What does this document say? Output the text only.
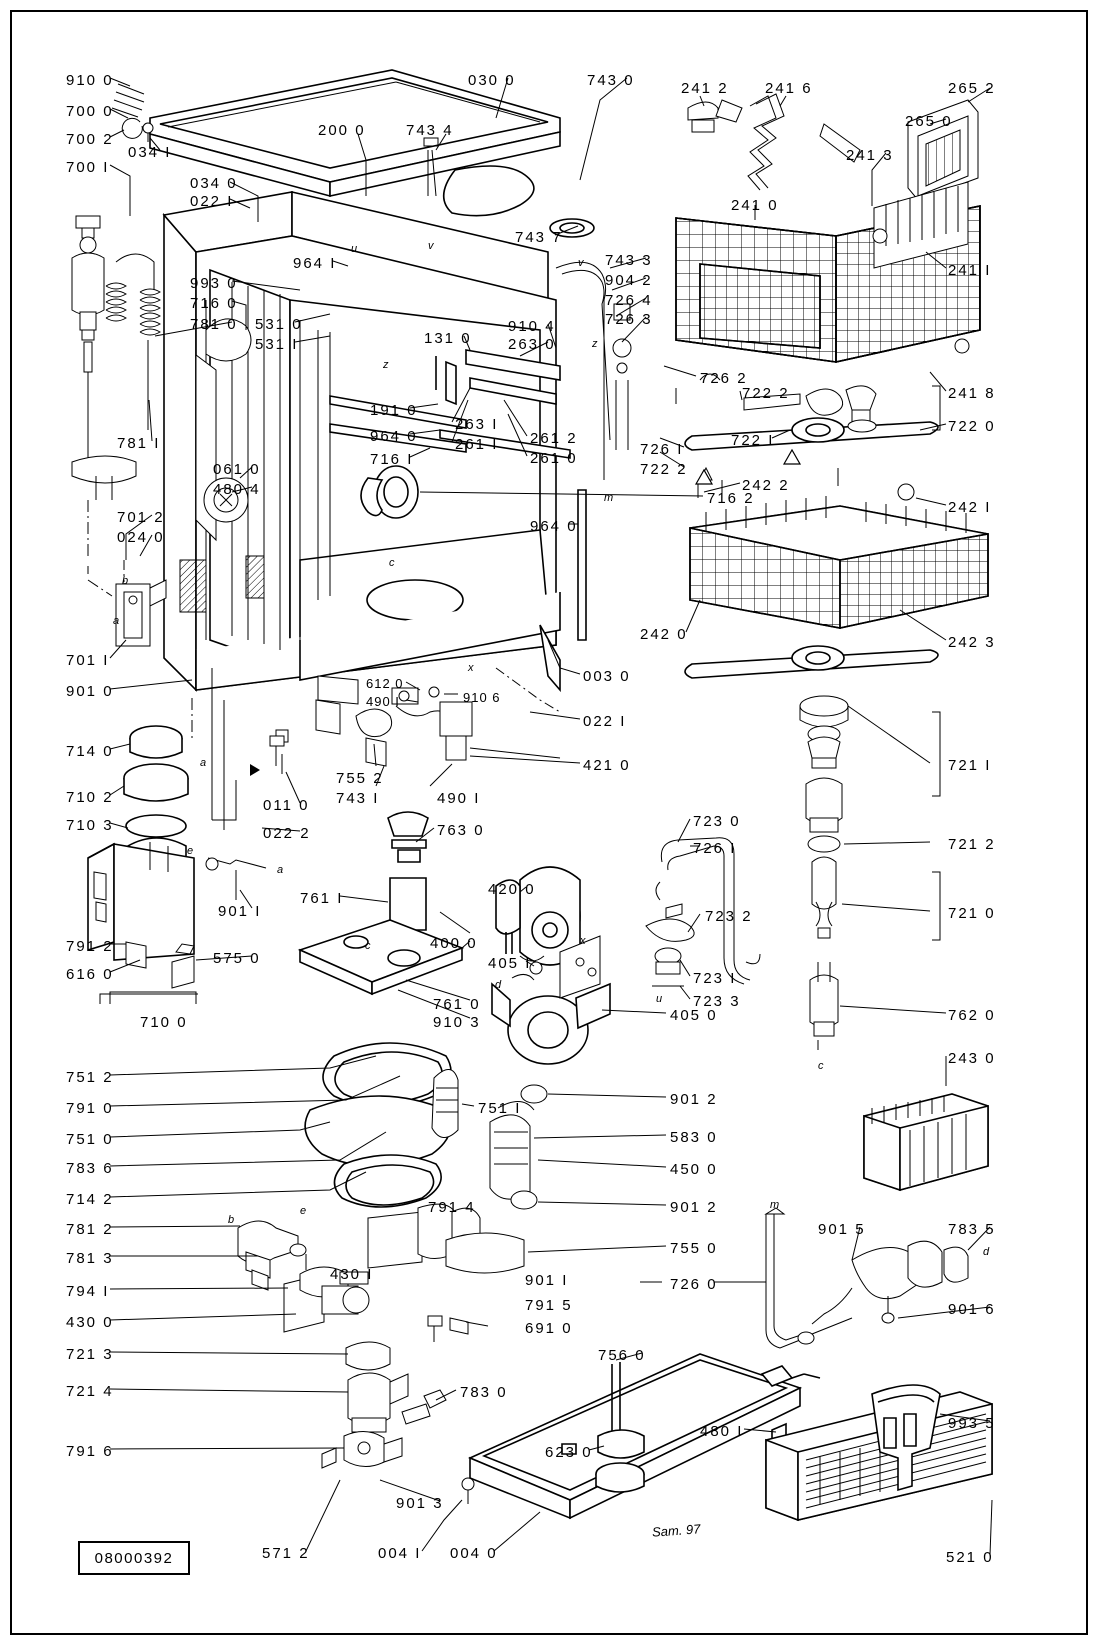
910 0
700 0
700 2
700 I
034 I
034 0
022 I
993 0
716 0
781 0
781 I
061 0
480 4
701 2
024 0
701 I
901 0
714 0
710 2
710 3
901 I
791 2
616 0
575 0
710 0
011 0
022 2
755 2
743 I	490 I
612 0
490 I	910 6
200 0	743 4
030 0	743 0
743 7
964 I
531 0
531 I	131 0
910 4
263 0
191 0
964 0
716 I
263 I
261 I 261 2
261 0
716 2
964 0
003 0
022 I
421 0
763 0
761 I
400 0
420 0
405 I
405 0
761 0
910 3
751 2
791 0
751 0
783 6
714 2
781 2
781 3
794 I
430 0
721 3
721 4
791 6
751 I
791 4
430 I	901 I
791 5
691 0
901 2
583 0
450 0
901 2
755 0
783 0
901 3
571 2	004 I 004 0
623 0
756 0
480 I
521 0
241 2 241 6	265 2
265 0
241 3
241 0
241 I
241 8
904 2
743 3
726 4
726 3
726 2
722 2
722 0
722 I
726 I
722 2
242 2
242 I
242 0	242 3
721 I
721 2
721 0
762 0
243 0
723 0
726 I
723 2
723 I
723 3
726 0
901 5	783 5
901 6
993 5
z
z
u	v
v
c
b
a
x
a
e
a
c
d
x
u
c
m
d
b
e
m
08000392
Sam. 97
